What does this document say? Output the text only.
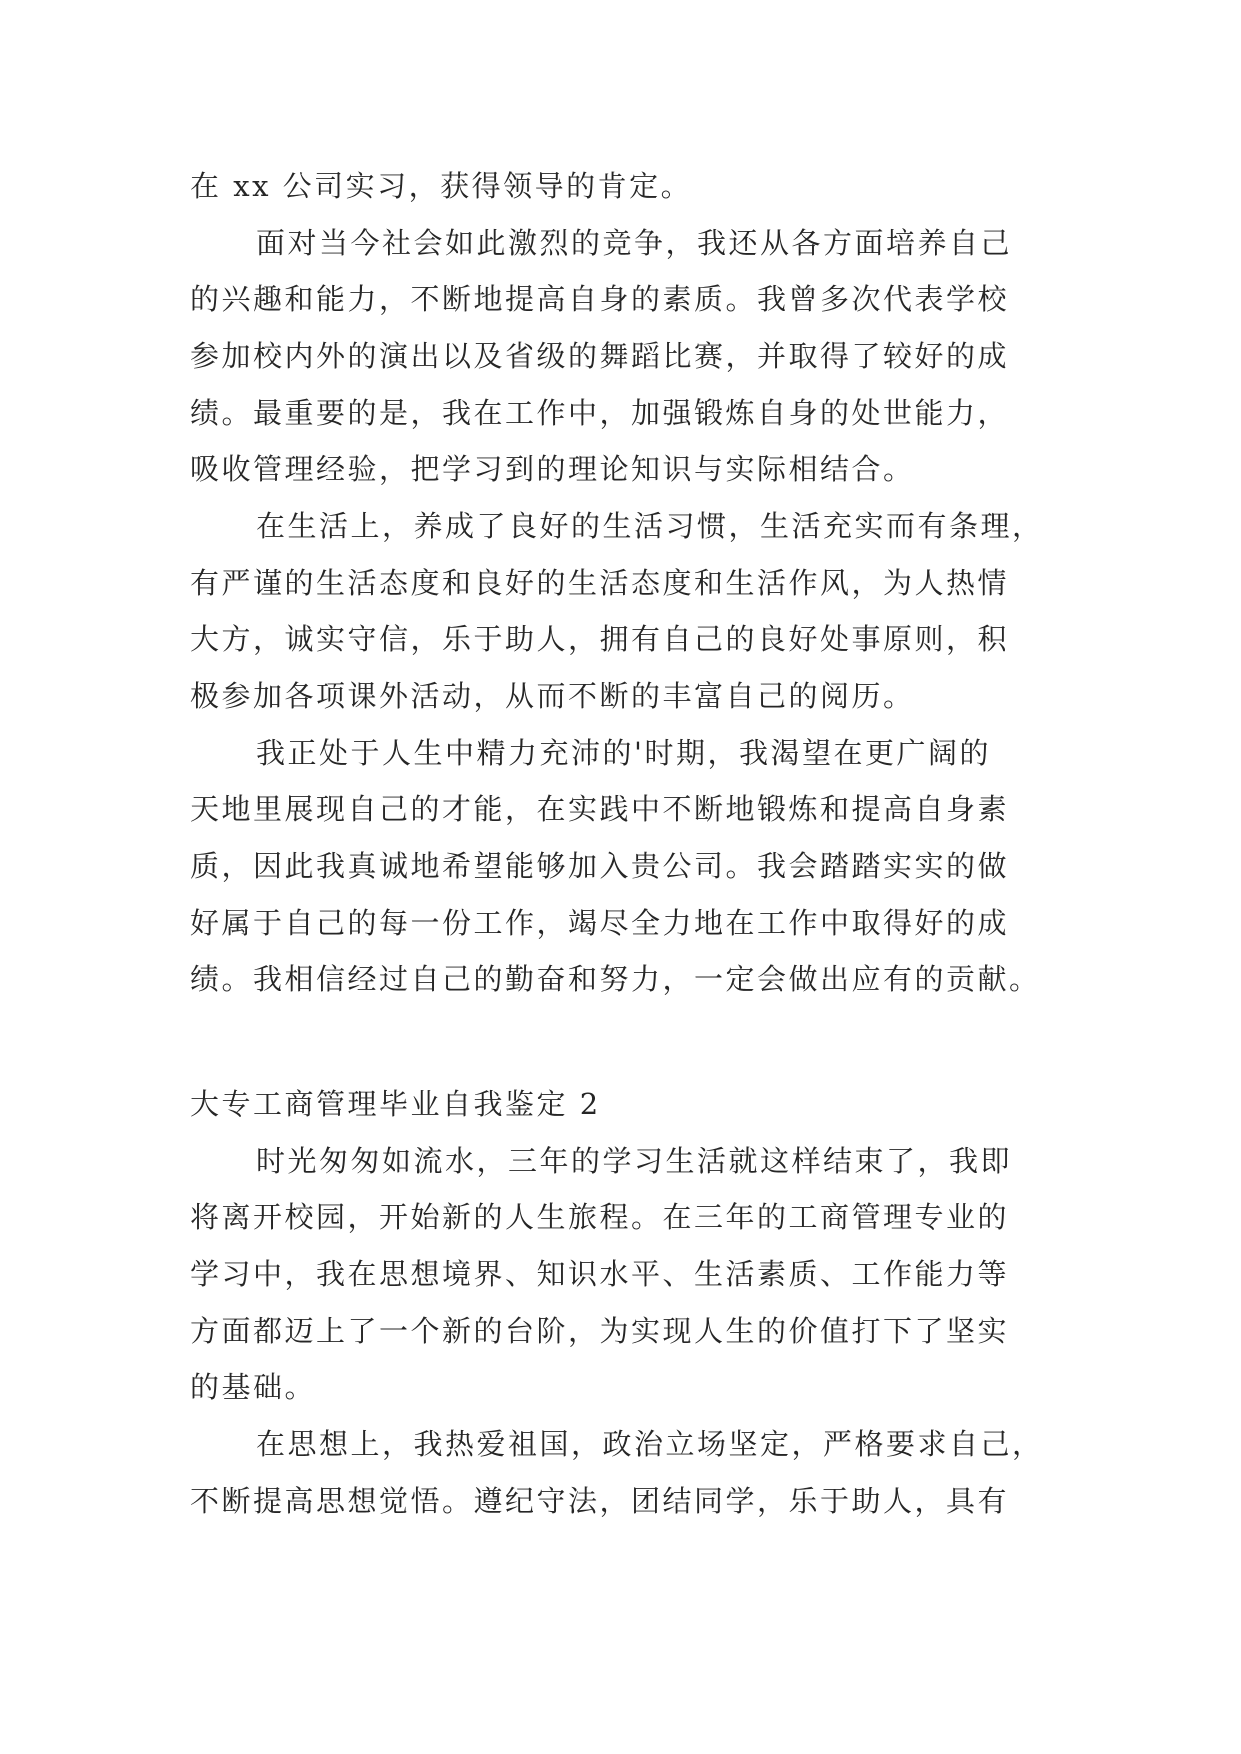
在 xx 公司实习，获得领导的肯定。
面对当今社会如此激烈的竞争，我还从各方面培养自己
的兴趣和能力，不断地提高自身的素质。我曾多次代表学校
参加校内外的演出以及省级的舞蹈比赛，并取得了较好的成
绩。最重要的是，我在工作中，加强锻炼自身的处世能力，
吸收管理经验，把学习到的理论知识与实际相结合。
在生活上，养成了良好的生活习惯，生活充实而有条理，
有严谨的生活态度和良好的生活态度和生活作风，为人热情
大方，诚实守信，乐于助人，拥有自己的良好处事原则，积
极参加各项课外活动，从而不断的丰富自己的阅历。
我正处于人生中精力充沛的'时期，我渴望在更广阔的
天地里展现自己的才能，在实践中不断地锻炼和提高自身素
质，因此我真诚地希望能够加入贵公司。我会踏踏实实的做
好属于自己的每一份工作，竭尽全力地在工作中取得好的成
绩。我相信经过自己的勤奋和努力，一定会做出应有的贡献。
大专工商管理毕业自我鉴定 2
时光匆匆如流水，三年的学习生活就这样结束了，我即
将离开校园，开始新的人生旅程。在三年的工商管理专业的
学习中，我在思想境界、知识水平、生活素质、工作能力等
方面都迈上了一个新的台阶，为实现人生的价值打下了坚实
的基础。
在思想上，我热爱祖国，政治立场坚定，严格要求自己，
不断提高思想觉悟。遵纪守法，团结同学，乐于助人，具有
